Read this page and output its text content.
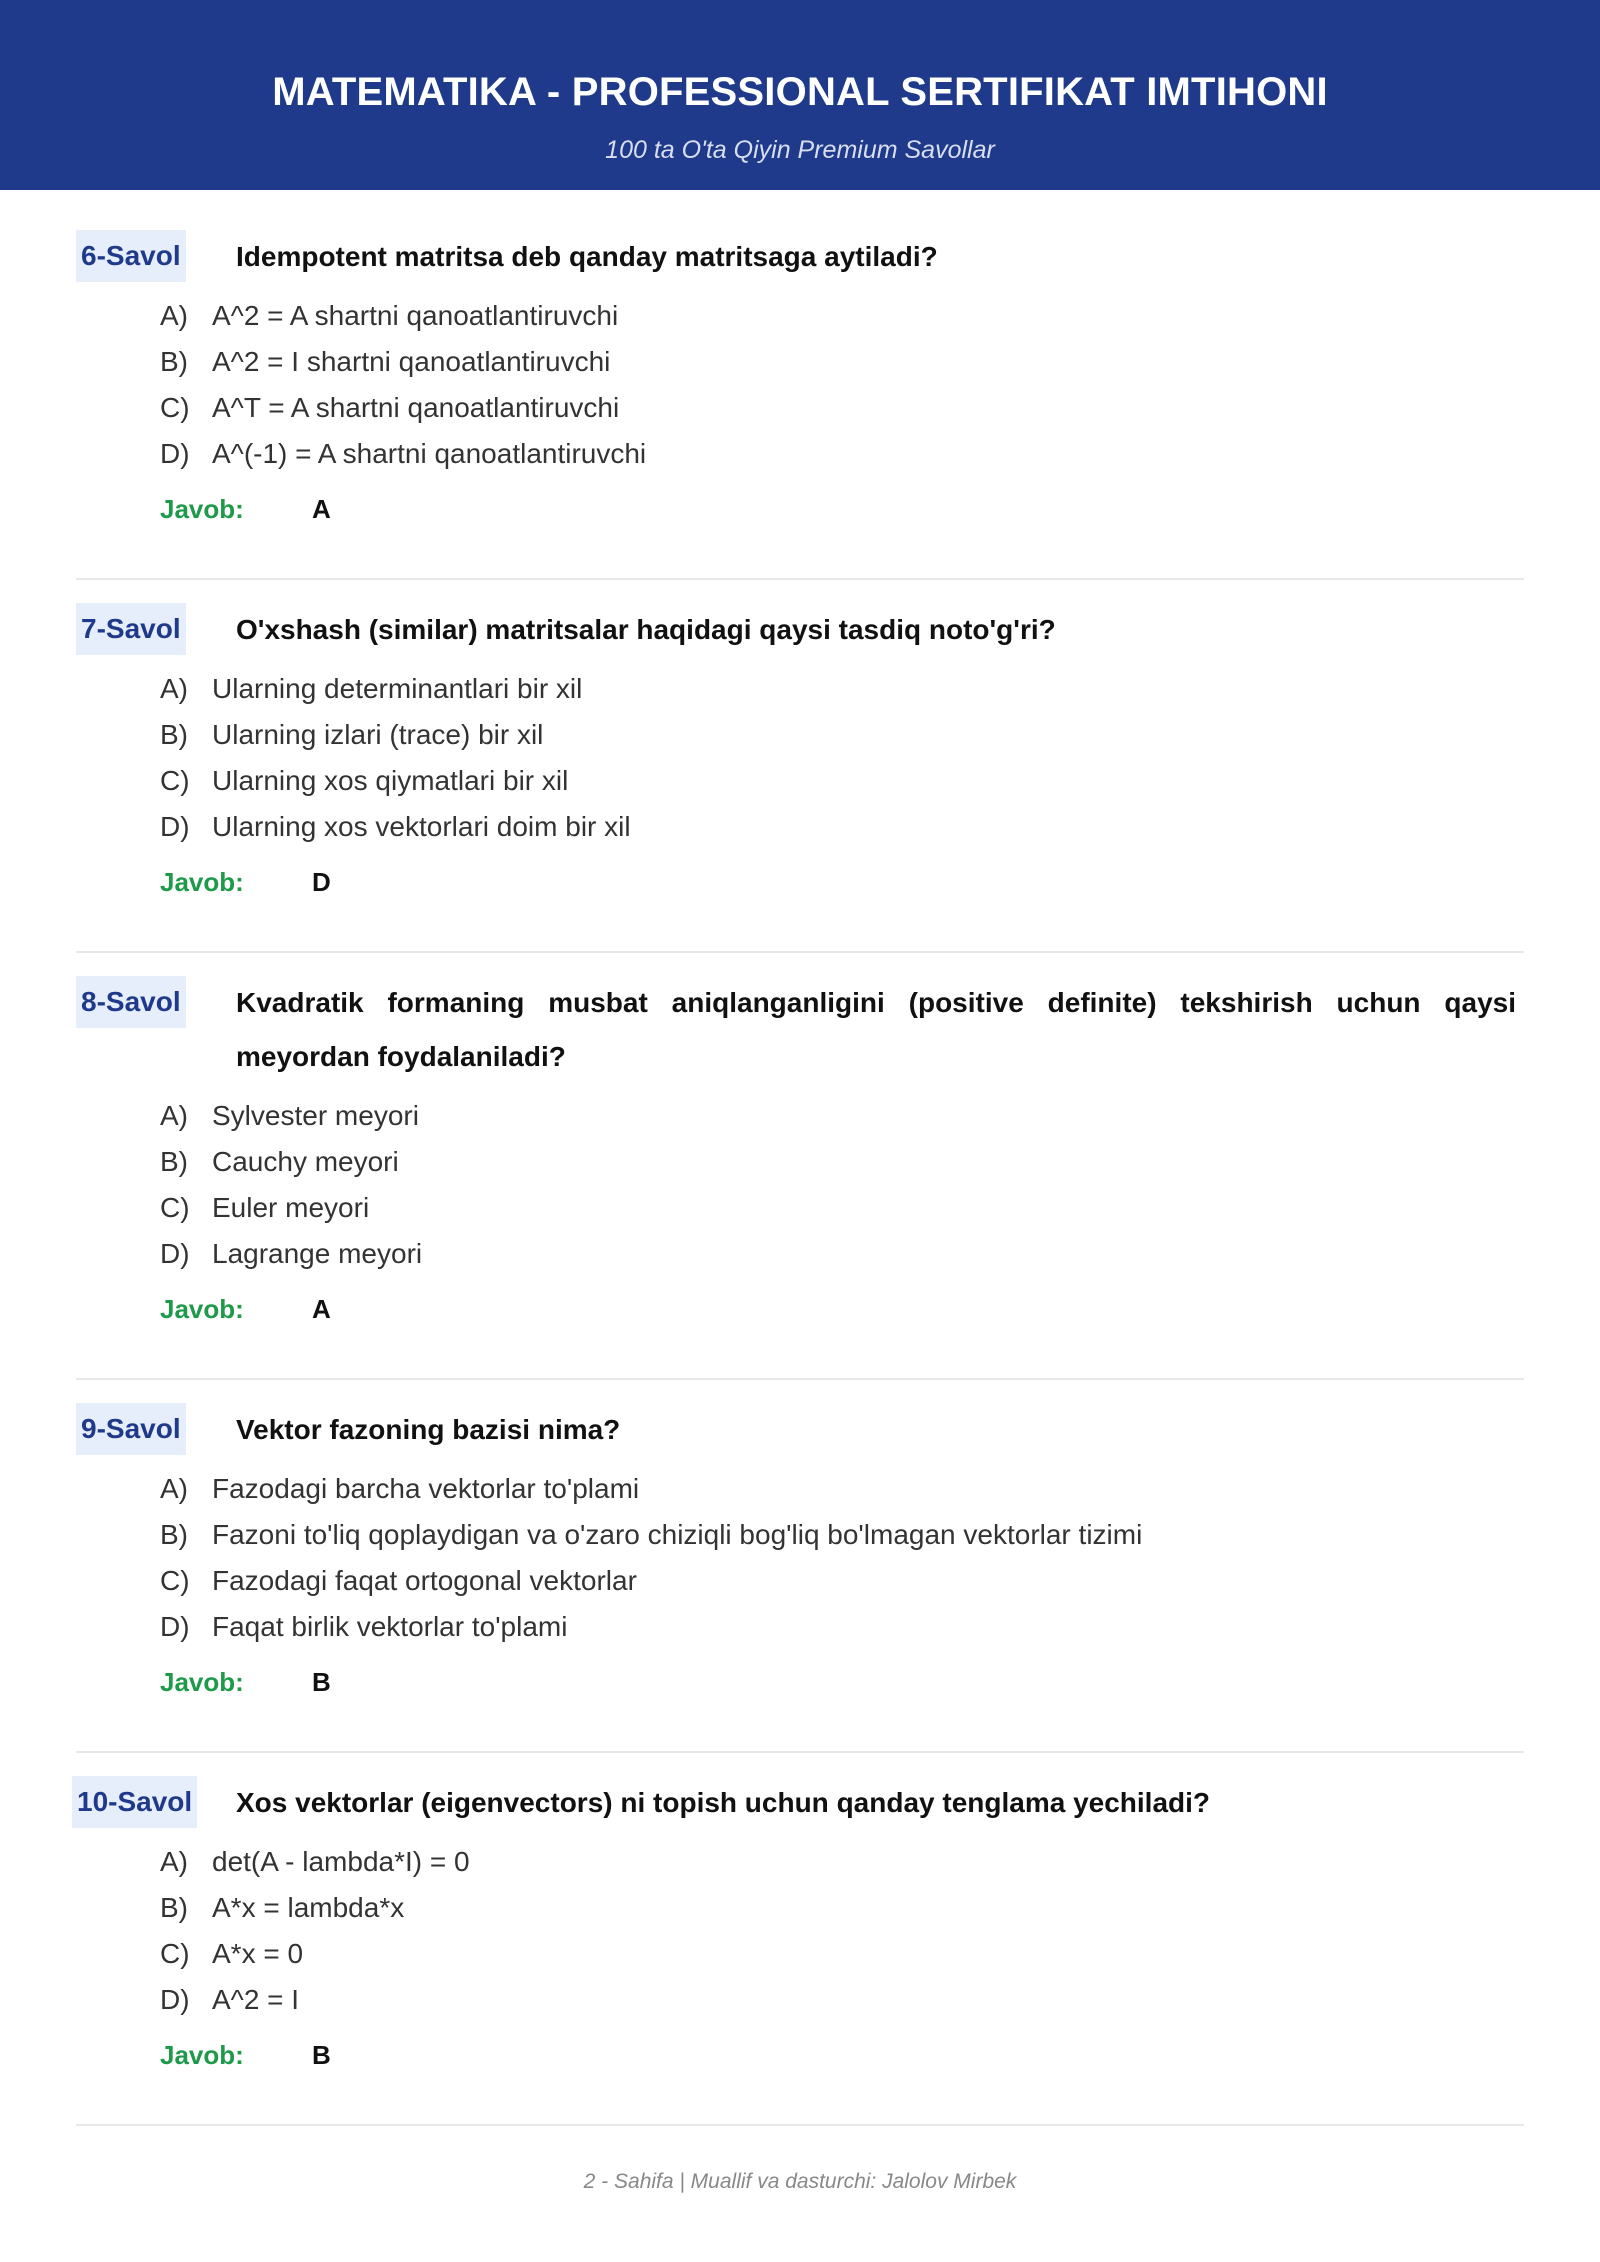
MATEMATIKA - PROFESSIONAL SERTIFIKAT IMTIHONI
100 ta O'ta Qiyin Premium Savollar
6-Savol Idempotent matritsa deb qanday matritsaga aytiladi?
A) A^2 = A shartni qanoatlantiruvchi
B) A^2 = I shartni qanoatlantiruvchi
C) A^T = A shartni qanoatlantiruvchi
D) A^(-1) = A shartni qanoatlantiruvchi
Javob:	A
7-Savol O'xshash (similar) matritsalar haqidagi qaysi tasdiq noto'g'ri?
A) Ularning determinantlari bir xil
B) Ularning izlari (trace) bir xil
C) Ularning xos qiymatlari bir xil
D) Ularning xos vektorlari doim bir xil
Javob:	D
8-Savol Kvadratik formaning musbat aniqlanganligini (positive definite) tekshirish uchun qaysi meyordan foydalaniladi?
A) Sylvester meyori
B) Cauchy meyori
C) Euler meyori
D) Lagrange meyori
Javob:	A
9-Savol Vektor fazoning bazisi nima?
A) Fazodagi barcha vektorlar to'plami
B) Fazoni to'liq qoplaydigan va o'zaro chiziqli bog'liq bo'lmagan vektorlar tizimi
C) Fazodagi faqat ortogonal vektorlar
D) Faqat birlik vektorlar to'plami
Javob:	B
10-Savol Xos vektorlar (eigenvectors) ni topish uchun qanday tenglama yechiladi?
A) det(A - lambda*I) = 0
B) A*x = lambda*x
C) A*x = 0
D) A^2 = I
Javob:	B
2 - Sahifa | Muallif va dasturchi: Jalolov Mirbek
